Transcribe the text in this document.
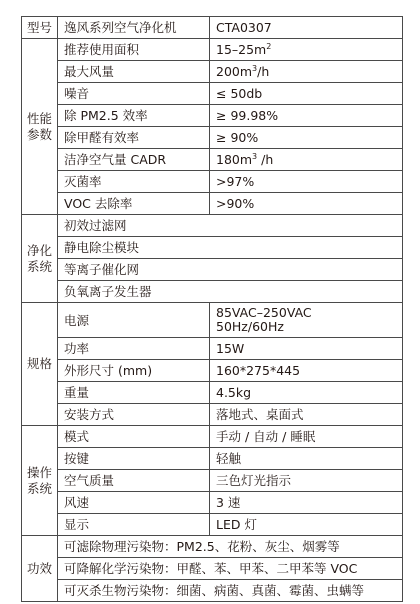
型号	逸风系列空气净化机	CTA0307
性能
参数	推荐使用面积	$15-25m^2$
	最大风量	$200m^3/h$
	噪音	≤ 50db
	除 PM2.5 效率	≥ 99.98%
	除甲醛有效率	≥ 90%
	洁净空气量 CADR	$180m^3$ /h
	灭菌率	>97%
	VOC 去除率	>90%
净化
系统	初效过滤网	
	静电除尘模块	
	等离子催化网	
	负氧离子发生器	
规格	电源	85VAC–250VAC
50Hz/60Hz
	功率	15W
	外形尺寸 (mm)	160*275*445
	重量	4.5kg
	安装方式	落地式、桌面式
操作
系统	模式	手动 / 自动 / 睡眠
	按键	轻触
	空气质量	三色灯光指示
	风速	3 速
	显示	LED 灯
功效	可滤除物理污染物：PM2.5、花粉、灰尘、烟雾等	
	可降解化学污染物：甲醛、苯、甲苯、二甲苯等 VOC	
	可灭杀生物污染物：细菌、病菌、真菌、霉菌、虫螨等	
